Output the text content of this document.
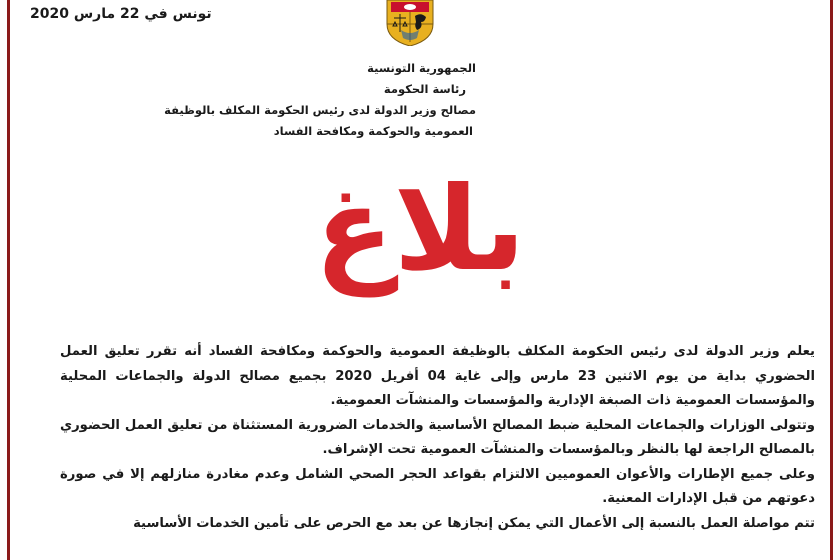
تونس في 22 مارس 2020
الجمهورية التونسية
رئاسة الحكومة
مصالح وزير الدولة لدى رئيس الحكومة المكلف بالوظيفة
العمومية والحوكمة ومكافحة الفساد
بلاغ

يعلم وزير الدولة لدى رئيس الحكومة المكلف بالوظيفة العمومية والحوكمة ومكافحة الفساد أنه تقرر تعليق العمل الحضوري بداية من يوم الاثنين 23 مارس وإلى غاية 04 أفريل 2020 بجميع مصالح الدولة والجماعات المحلية والمؤسسات العمومية ذات الصبغة الإدارية والمؤسسات والمنشآت العمومية.

وتتولى الوزارات والجماعات المحلية ضبط المصالح الأساسية والخدمات الضرورية المستثناة من تعليق العمل الحضوري بالمصالح الراجعة لها بالنظر وبالمؤسسات والمنشآت العمومية تحت الإشراف.

وعلى جميع الإطارات والأعوان العموميين الالتزام بقواعد الحجر الصحي الشامل وعدم مغادرة منازلهم إلا في صورة دعوتهم من قبل الإدارات المعنية.

تتم مواصلة العمل بالنسبة إلى الأعمال التي يمكن إنجازها عن بعد مع الحرص على تأمين الخدمات الأساسية
